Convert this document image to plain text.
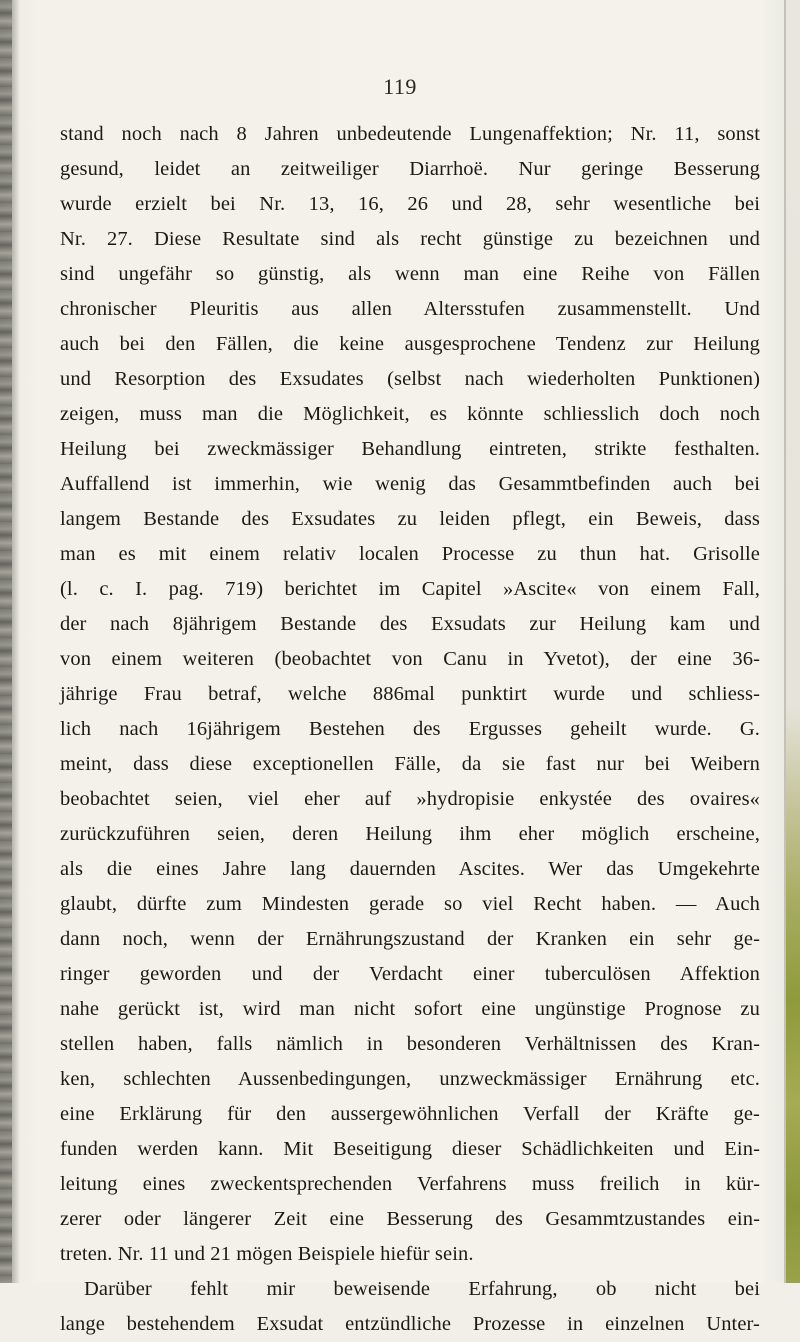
119
stand noch nach 8 Jahren unbedeutende Lungenaffektion; Nr. 11, sonst
gesund, leidet an zeitweiliger Diarrhoë. Nur geringe Besserung
wurde erzielt bei Nr. 13, 16, 26 und 28, sehr wesentliche bei
Nr. 27. Diese Resultate sind als recht günstige zu bezeichnen und
sind ungefähr so günstig, als wenn man eine Reihe von Fällen
chronischer Pleuritis aus allen Altersstufen zusammenstellt. Und
auch bei den Fällen, die keine ausgesprochene Tendenz zur Heilung
und Resorption des Exsudates (selbst nach wiederholten Punktionen)
zeigen, muss man die Möglichkeit, es könnte schliesslich doch noch
Heilung bei zweckmässiger Behandlung eintreten, strikte festhalten.
Auffallend ist immerhin, wie wenig das Gesammtbefinden auch bei
langem Bestande des Exsudates zu leiden pflegt, ein Beweis, dass
man es mit einem relativ localen Processe zu thun hat. Grisolle
(l. c. I. pag. 719) berichtet im Capitel »Ascite« von einem Fall,
der nach 8jährigem Bestande des Exsudats zur Heilung kam und
von einem weiteren (beobachtet von Canu in Yvetot), der eine 36-
jährige Frau betraf, welche 886mal punktirt wurde und schliess-
lich nach 16jährigem Bestehen des Ergusses geheilt wurde. G.
meint, dass diese exceptionellen Fälle, da sie fast nur bei Weibern
beobachtet seien, viel eher auf »hydropisie enkystée des ovaires«
zurückzuführen seien, deren Heilung ihm eher möglich erscheine,
als die eines Jahre lang dauernden Ascites. Wer das Umgekehrte
glaubt, dürfte zum Mindesten gerade so viel Recht haben. — Auch
dann noch, wenn der Ernährungszustand der Kranken ein sehr ge-
ringer geworden und der Verdacht einer tuberculösen Affektion
nahe gerückt ist, wird man nicht sofort eine ungünstige Prognose zu
stellen haben, falls nämlich in besonderen Verhältnissen des Kran-
ken, schlechten Aussenbedingungen, unzweckmässiger Ernährung etc.
eine Erklärung für den aussergewöhnlichen Verfall der Kräfte ge-
funden werden kann. Mit Beseitigung dieser Schädlichkeiten und Ein-
leitung eines zweckentsprechenden Verfahrens muss freilich in kür-
zerer oder längerer Zeit eine Besserung des Gesammtzustandes ein-
treten. Nr. 11 und 21 mögen Beispiele hiefür sein.
Darüber fehlt mir beweisende Erfahrung, ob nicht bei
lange bestehendem Exsudat entzündliche Prozesse in einzelnen Unter-
